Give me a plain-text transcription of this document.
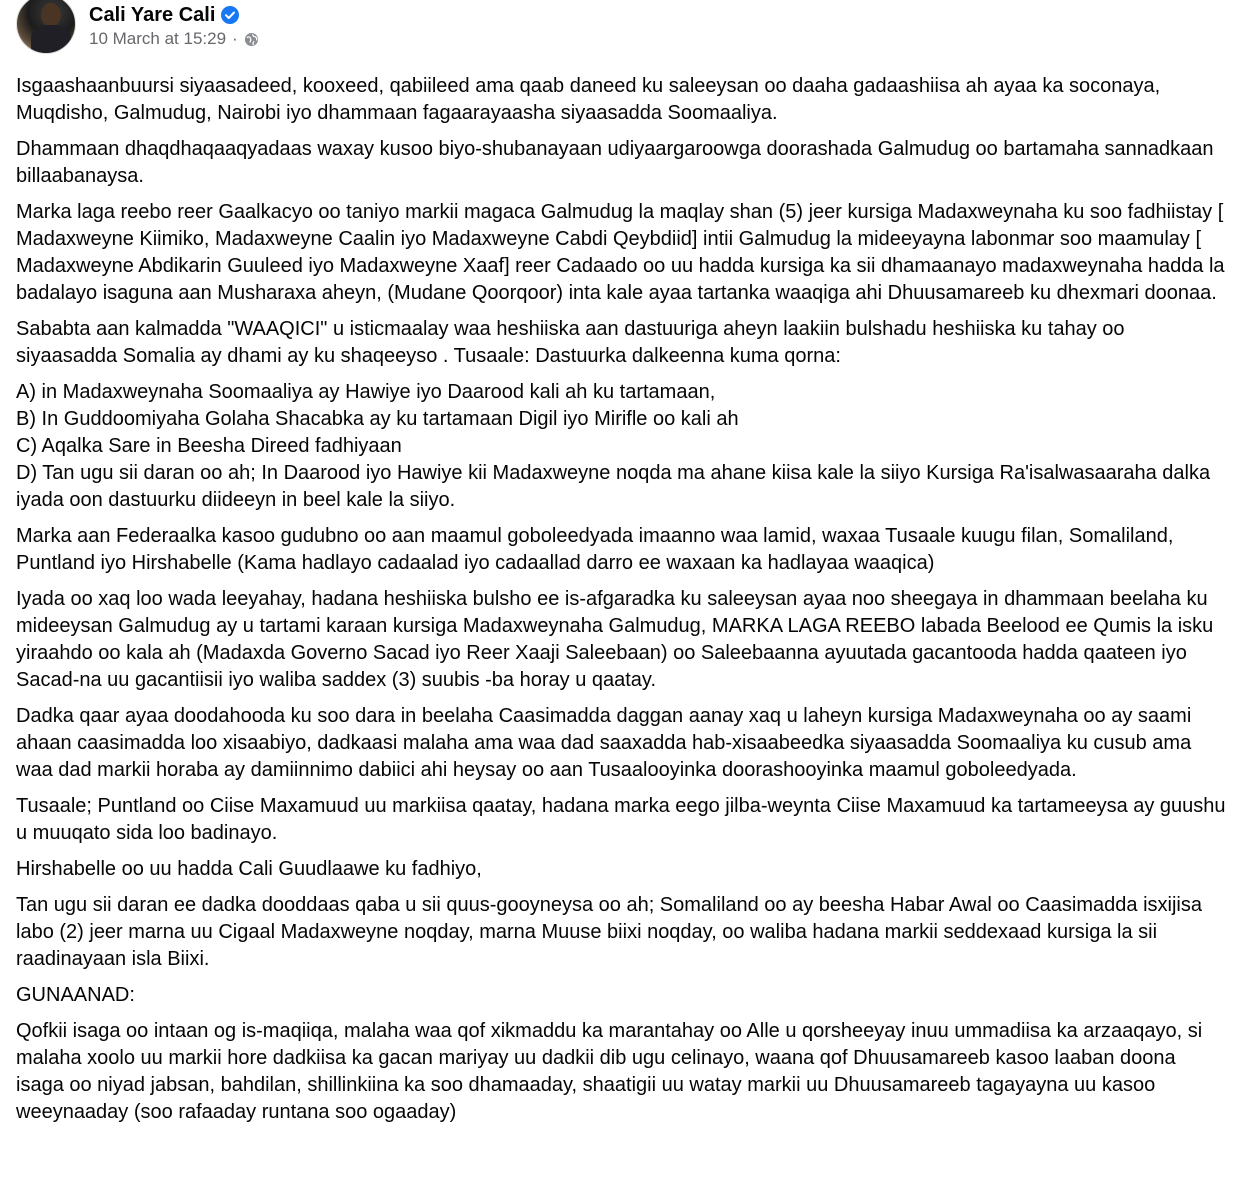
Cali Yare Cali
10 March at 15:29 ·

Isgaashaanbuursi siyaasadeed, kooxeed, qabiileed ama qaab daneed ku saleeysan oo daaha gadaashiisa ah ayaa ka soconaya, Muqdisho, Galmudug, Nairobi iyo dhammaan fagaarayaasha siyaasadda Soomaaliya.

Dhammaan dhaqdhaqaaqyadaas waxay kusoo biyo-shubanayaan udiyaargaroowga doorashada Galmudug oo bartamaha sannadkaan billaabanaysa.

Marka laga reebo reer Gaalkacyo oo taniyo markii magaca Galmudug la maqlay shan (5) jeer kursiga Madaxweynaha ku soo fadhiistay [ Madaxweyne Kiimiko, Madaxweyne Caalin iyo Madaxweyne Cabdi Qeybdiid] intii Galmudug la mideeyayna labonmar soo maamulay [ Madaxweyne Abdikarin Guuleed iyo Madaxweyne Xaaf] reer Cadaado oo uu hadda kursiga ka sii dhamaanayo madaxweynaha hadda la badalayo isaguna aan Musharaxa aheyn, (Mudane Qoorqoor) inta kale ayaa tartanka waaqiga ahi Dhuusamareeb ku dhexmari doonaa.

Sababta aan kalmadda "WAAQICI" u isticmaalay waa heshiiska aan dastuuriga aheyn laakiin bulshadu heshiiska ku tahay oo siyaasadda Somalia ay dhami ay ku shaqeeyso . Tusaale: Dastuurka dalkeenna kuma qorna:

A) in Madaxweynaha Soomaaliya ay Hawiye iyo Daarood kali ah ku tartamaan,
B) In Guddoomiyaha Golaha Shacabka ay ku tartamaan Digil iyo Mirifle oo kali ah
C) Aqalka Sare in Beesha Direed fadhiyaan
D) Tan ugu sii daran oo ah; In Daarood iyo Hawiye kii Madaxweyne noqda ma ahane kiisa kale la siiyo Kursiga Ra'isalwasaaraha dalka iyada oon dastuurku diideeyn in beel kale la siiyo.

Marka aan Federaalka kasoo gudubno oo aan maamul goboleedyada imaanno waa lamid, waxaa Tusaale kuugu filan, Somaliland, Puntland iyo Hirshabelle (Kama hadlayo cadaalad iyo cadaallad darro ee waxaan ka hadlayaa waaqica)

Iyada oo xaq loo wada leeyahay, hadana heshiiska bulsho ee is-afgaradka ku saleeysan ayaa noo sheegaya in dhammaan beelaha ku mideeysan Galmudug ay u tartami karaan kursiga Madaxweynaha Galmudug, MARKA LAGA REEBO labada Beelood ee Qumis la isku yiraahdo oo kala ah (Madaxda Governo Sacad iyo Reer Xaaji Saleebaan) oo Saleebaanna ayuutada gacantooda hadda qaateen iyo Sacad-na uu gacantiisii iyo waliba saddex (3) suubis -ba horay u qaatay.

Dadka qaar ayaa doodahooda ku soo dara in beelaha Caasimadda daggan aanay xaq u laheyn kursiga Madaxweynaha oo ay saami ahaan caasimadda loo xisaabiyo, dadkaasi malaha ama waa dad saaxadda hab-xisaabeedka siyaasadda Soomaaliya ku cusub ama waa dad markii horaba ay damiinnimo dabiici ahi heysay oo aan Tusaalooyinka doorashooyinka maamul goboleedyada.

Tusaale; Puntland oo Ciise Maxamuud uu markiisa qaatay, hadana marka eego jilba-weynta Ciise Maxamuud ka tartameeysa ay guushu u muuqato sida loo badinayo.

Hirshabelle oo uu hadda Cali Guudlaawe ku fadhiyo,

Tan ugu sii daran ee dadka dooddaas qaba u sii quus-gooyneysa oo ah; Somaliland oo ay beesha Habar Awal oo Caasimadda isxijisa labo (2) jeer marna uu Cigaal Madaxweyne noqday, marna Muuse biixi noqday, oo waliba hadana markii seddexaad kursiga la sii raadinayaan isla Biixi.

GUNAANAD:

Qofkii isaga oo intaan og is-maqiiqa, malaha waa qof xikmaddu ka marantahay oo Alle u qorsheeyay inuu ummadiisa ka arzaaqayo, si malaha xoolo uu markii hore dadkiisa ka gacan mariyay uu dadkii dib ugu celinayo, waana qof Dhuusamareeb kasoo laaban doona isaga oo niyad jabsan, bahdilan, shillinkiina ka soo dhamaaday, shaatigii uu watay markii uu Dhuusamareeb tagayayna uu kasoo weeynaaday (soo rafaaday runtana soo ogaaday)
